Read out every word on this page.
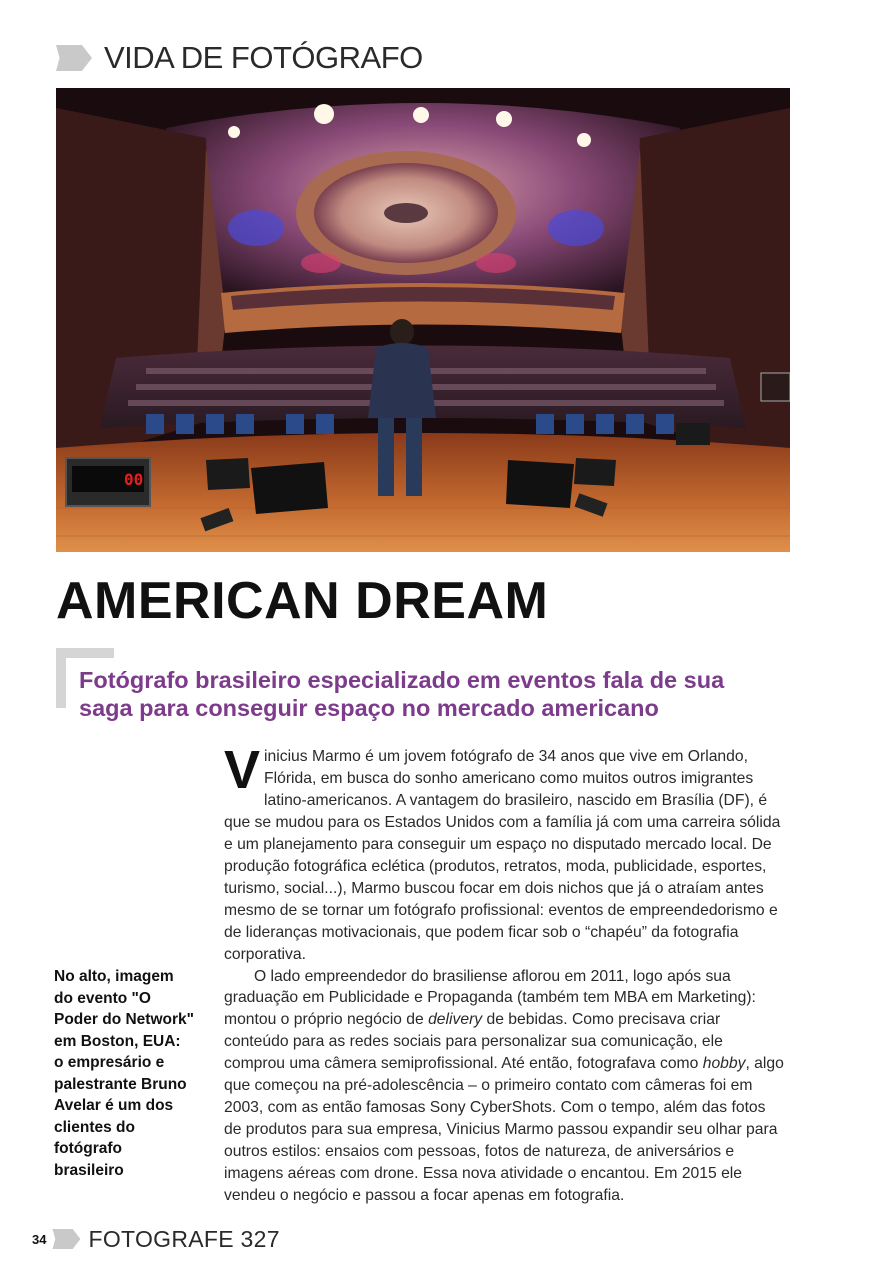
VIDA DE FOTÓGRAFO
00
AMERICAN DREAM

Fotógrafo brasileiro especializado em eventos fala de sua saga para conseguir espaço no mercado americano

No alto, imagem do evento "O Poder do Network" em Boston, EUA: o empresário e palestrante Bruno Avelar é um dos clientes do fotógrafo brasileiro

Vinicius Marmo é um jovem fotógrafo de 34 anos que vive em Orlando, Flórida, em busca do sonho americano como muitos outros imigrantes latino-americanos. A vantagem do brasileiro, nascido em Brasília (DF), é que se mudou para os Estados Unidos com a família já com uma carreira sólida e um planejamento para conseguir um espaço no disputado mercado local. De produção fotográfica eclética (produtos, retratos, moda, publicidade, esportes, turismo, social...), Marmo buscou focar em dois nichos que já o atraíam antes mesmo de se tornar um fotógrafo profissional: eventos de empreendedorismo e de lideranças motivacionais, que podem ficar sob o “chapéu” da fotografia corporativa.

O lado empreendedor do brasiliense aflorou em 2011, logo após sua graduação em Publicidade e Propaganda (também tem MBA em Marketing): montou o próprio negócio de delivery de bebidas. Como precisava criar conteúdo para as redes sociais para personalizar sua comunicação, ele comprou uma câmera semiprofissional. Até então, fotografava como hobby, algo que começou na pré-adolescência – o primeiro contato com câmeras foi em 2003, com as então famosas Sony CyberShots. Com o tempo, além das fotos de produtos para sua empresa, Vinicius Marmo passou expandir seu olhar para outros estilos: ensaios com pessoas, fotos de natureza, de aniversários e imagens aéreas com drone. Essa nova atividade o encantou. Em 2015 ele vendeu o negócio e passou a focar apenas em fotografia.

34 FOTOGRAFE 327
